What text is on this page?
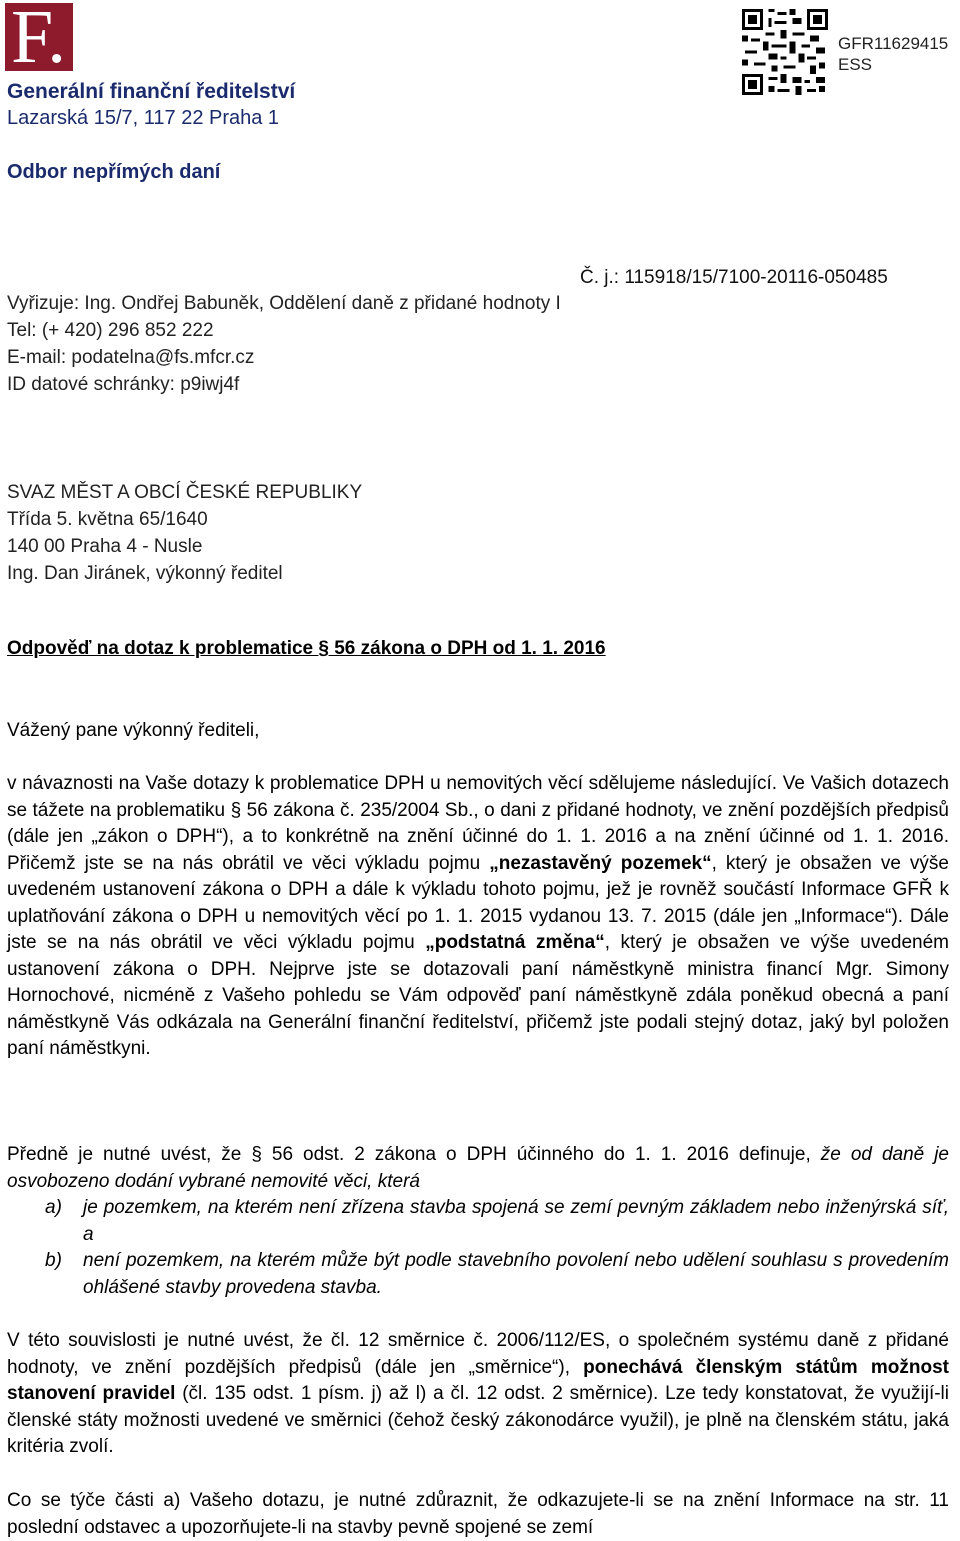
F.	GFR11629415
ESS
Generální finanční ředitelství
Lazarská 15/7, 117 22 Praha 1
Odbor nepřímých daní
Č. j.: 115918/15/7100-20116-050485
Vyřizuje: Ing. Ondřej Babuněk, Oddělení daně z přidané hodnoty I
Tel: (+ 420) 296 852 222
E-mail: podatelna@fs.mfcr.cz
ID datové schránky: p9iwj4f
SVAZ MĚST A OBCÍ ČESKÉ REPUBLIKY
Třída 5. května 65/1640
140 00 Praha 4 - Nusle
Ing. Dan Jiránek, výkonný ředitel
Odpověď na dotaz k problematice § 56 zákona o DPH od 1. 1. 2016
Vážený pane výkonný řediteli,

v návaznosti na Vaše dotazy k problematice DPH u nemovitých věcí sdělujeme následující. Ve Vašich dotazech se tážete na problematiku § 56 zákona č. 235/2004 Sb., o dani z přidané hodnoty, ve znění pozdějších předpisů (dále jen „zákon o DPH“), a to konkrétně na znění účinné do 1. 1. 2016 a na znění účinné od 1. 1. 2016. Přičemž jste se na nás obrátil ve věci výkladu pojmu „nezastavěný pozemek“, který je obsažen ve výše uvedeném ustanovení zákona o DPH a dále k výkladu tohoto pojmu, jež je rovněž součástí Informace GFŘ k uplatňování zákona o DPH u nemovitých věcí po 1. 1. 2015 vydanou 13. 7. 2015 (dále jen „Informace“). Dále jste se na nás obrátil ve věci výkladu pojmu „podstatná změna“, který je obsažen ve výše uvedeném ustanovení zákona o DPH. Nejprve jste se dotazovali paní náměstkyně ministra financí Mgr. Simony Hornochové, nicméně z Vašeho pohledu se Vám odpověď paní náměstkyně zdála poněkud obecná a paní náměstkyně Vás odkázala na Generální finanční ředitelství, přičemž jste podali stejný dotaz, jaký byl položen paní náměstkyni.

Předně je nutné uvést, že § 56 odst. 2 zákona o DPH účinného do 1. 1. 2016 definuje, že od daně je osvobozeno dodání vybrané nemovité věci, která

a)	je pozemkem, na kterém není zřízena stavba spojená se zemí pevným základem nebo inženýrská síť, a
b)	není pozemkem, na kterém může být podle stavebního povolení nebo udělení souhlasu s provedením ohlášené stavby provedena stavba.

V této souvislosti je nutné uvést, že čl. 12 směrnice č. 2006/112/ES, o společném systému daně z přidané hodnoty, ve znění pozdějších předpisů (dále jen „směrnice“), ponechává členským státům možnost stanovení pravidel (čl. 135 odst. 1 písm. j) až l) a čl. 12 odst. 2 směrnice). Lze tedy konstatovat, že využijí-li členské státy možnosti uvedené ve směrnici (čehož český zákonodárce využil), je plně na členském státu, jaká kritéria zvolí.

Co se týče části a) Vašeho dotazu, je nutné zdůraznit, že odkazujete-li se na znění Informace na str. 11 poslední odstavec a upozorňujete-li na stavby pevně spojené se zemí
